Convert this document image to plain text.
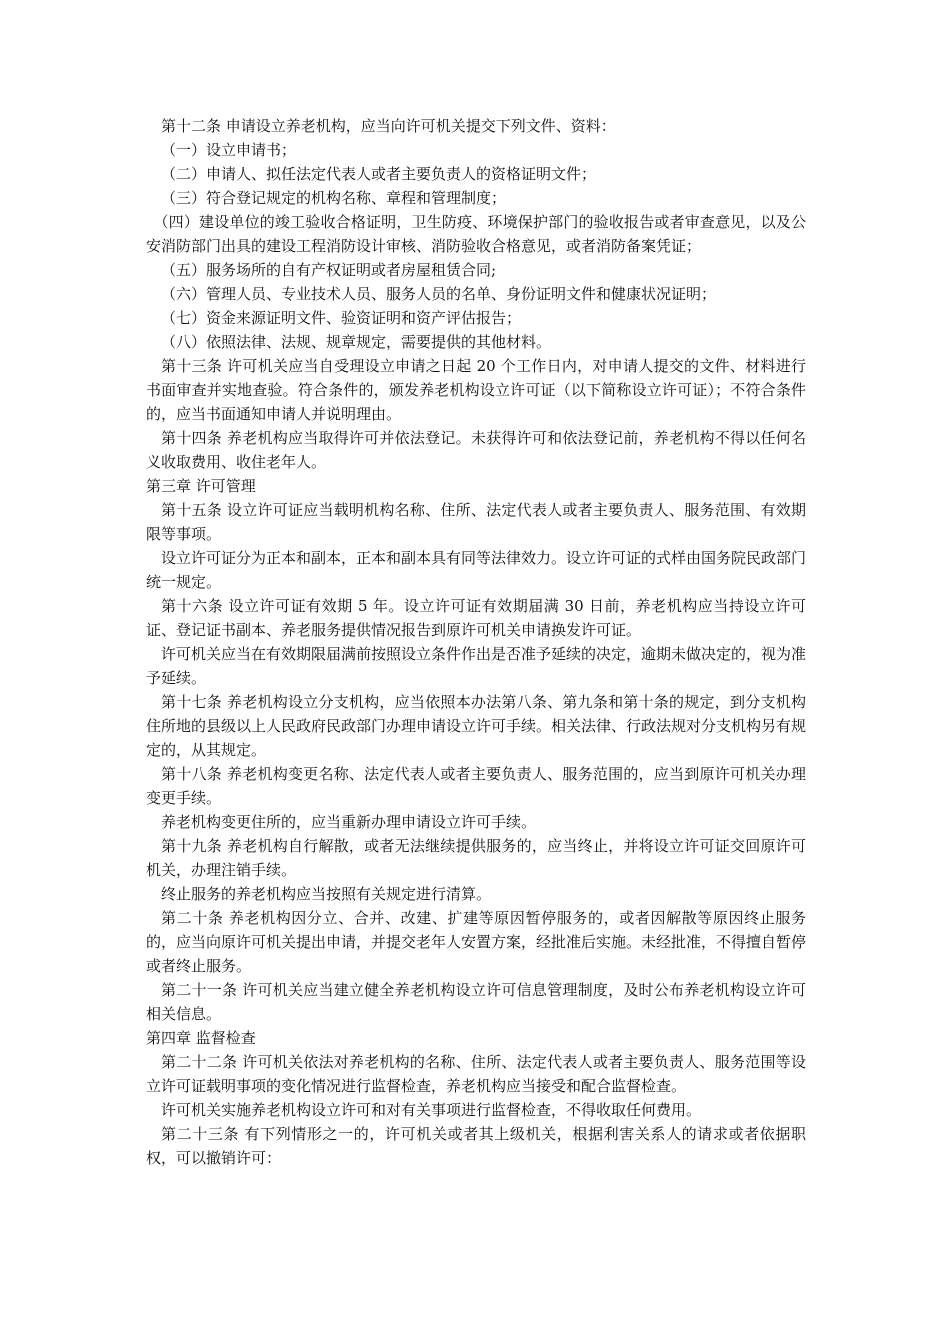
第十二条 申请设立养老机构，应当向许可机关提交下列文件、资料：

（一）设立申请书；

（二）申请人、拟任法定代表人或者主要负责人的资格证明文件；

（三）符合登记规定的机构名称、章程和管理制度；

（四）建设单位的竣工验收合格证明，卫生防疫、环境保护部门的验收报告或者审查意见，以及公安消防部门出具的建设工程消防设计审核、消防验收合格意见，或者消防备案凭证；

（五）服务场所的自有产权证明或者房屋租赁合同;

（六）管理人员、专业技术人员、服务人员的名单、身份证明文件和健康状况证明；

（七）资金来源证明文件、验资证明和资产评估报告；

（八）依照法律、法规、规章规定，需要提供的其他材料。

第十三条 许可机关应当自受理设立申请之日起 20 个工作日内，对申请人提交的文件、材料进行书面审查并实地查验。符合条件的，颁发养老机构设立许可证（以下简称设立许可证）；不符合条件的，应当书面通知申请人并说明理由。

第十四条 养老机构应当取得许可并依法登记。未获得许可和依法登记前，养老机构不得以任何名义收取费用、收住老年人。

第三章 许可管理

第十五条 设立许可证应当载明机构名称、住所、法定代表人或者主要负责人、服务范围、有效期限等事项。

设立许可证分为正本和副本，正本和副本具有同等法律效力。设立许可证的式样由国务院民政部门统一规定。

第十六条 设立许可证有效期 5 年。设立许可证有效期届满 30 日前，养老机构应当持设立许可证、登记证书副本、养老服务提供情况报告到原许可机关申请换发许可证。

许可机关应当在有效期限届满前按照设立条件作出是否准予延续的决定，逾期未做决定的，视为准予延续。

第十七条 养老机构设立分支机构，应当依照本办法第八条、第九条和第十条的规定，到分支机构住所地的县级以上人民政府民政部门办理申请设立许可手续。相关法律、行政法规对分支机构另有规定的，从其规定。

第十八条 养老机构变更名称、法定代表人或者主要负责人、服务范围的，应当到原许可机关办理变更手续。

养老机构变更住所的，应当重新办理申请设立许可手续。

第十九条 养老机构自行解散，或者无法继续提供服务的，应当终止，并将设立许可证交回原许可机关，办理注销手续。

终止服务的养老机构应当按照有关规定进行清算。

第二十条 养老机构因分立、合并、改建、扩建等原因暂停服务的，或者因解散等原因终止服务的，应当向原许可机关提出申请，并提交老年人安置方案，经批准后实施。未经批准，不得擅自暂停或者终止服务。

第二十一条 许可机关应当建立健全养老机构设立许可信息管理制度，及时公布养老机构设立许可相关信息。

第四章 监督检查

第二十二条 许可机关依法对养老机构的名称、住所、法定代表人或者主要负责人、服务范围等设立许可证载明事项的变化情况进行监督检查，养老机构应当接受和配合监督检查。

许可机关实施养老机构设立许可和对有关事项进行监督检查，不得收取任何费用。

第二十三条 有下列情形之一的，许可机关或者其上级机关，根据利害关系人的请求或者依据职权，可以撤销许可：
